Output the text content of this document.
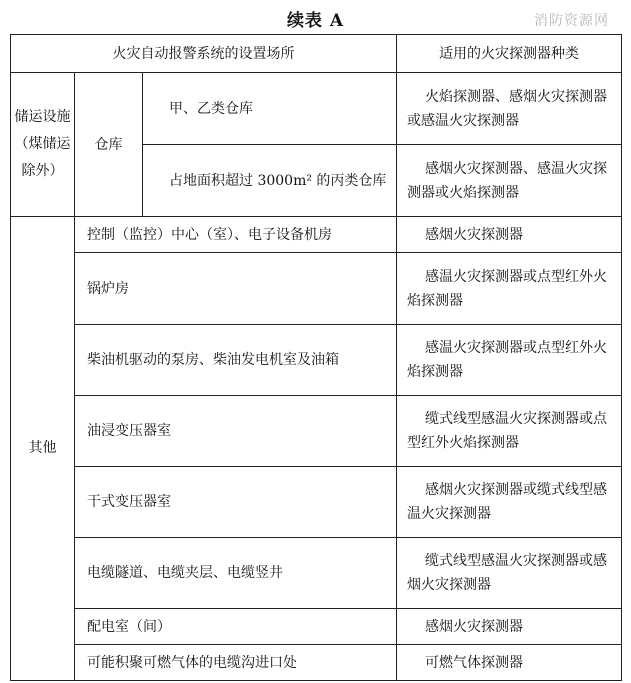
续表 A	消防资源网
火灾自动报警系统的设置场所			适用的火灾探测器种类
储运设施（煤储运除外）	仓库	甲、乙类仓库	火焰探测器、感烟火灾探测器或感温火灾探测器
		占地面积超过 3000m² 的丙类仓库	感烟火灾探测器、感温火灾探测器或火焰探测器
其他	控制（监控）中心（室）、电子设备机房		感烟火灾探测器
	锅炉房		感温火灾探测器或点型红外火焰探测器
	柴油机驱动的泵房、柴油发电机室及油箱		感温火灾探测器或点型红外火焰探测器
	油浸变压器室		缆式线型感温火灾探测器或点型红外火焰探测器
	干式变压器室		感烟火灾探测器或缆式线型感温火灾探测器
	电缆隧道、电缆夹层、电缆竖井		缆式线型感温火灾探测器或感烟火灾探测器
	配电室（间）		感烟火灾探测器
	可能积聚可燃气体的电缆沟进口处		可燃气体探测器
